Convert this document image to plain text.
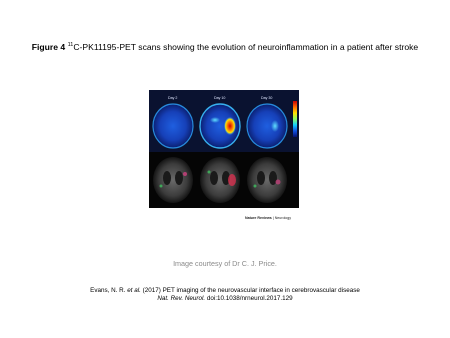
Figure 4 $^{11}$C-PK11195-PET scans showing the evolution of neuroinflammation in a patient after stroke
Day 2	Day 10	Day 30
Nature Reviews | Neurology
Image courtesy of Dr C. J. Price.
Evans, N. R. et al. (2017) PET imaging of the neurovascular interface in cerebrovascular disease
Nat. Rev. Neurol. doi:10.1038/nrneurol.2017.129
